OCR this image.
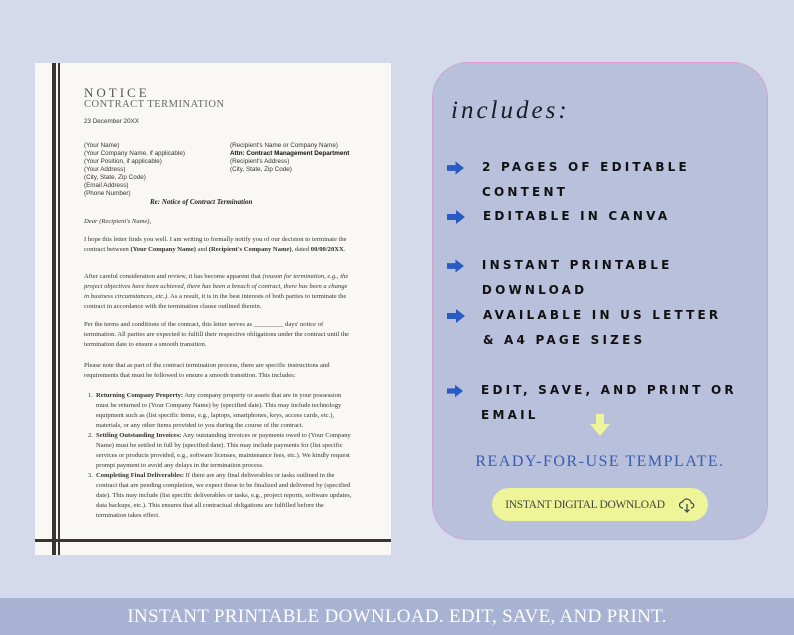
NOTICE
CONTRACT TERMINATION
23 December 20XX
(Your Name)
(Your Company Name, if applicable)
(Your Position, if applicable)
(Your Address)
(City, State, Zip Code)
(Email Address)
(Phone Number)
(Recipient's Name or Company Name)
Attn: Contract Management Department
(Recipient's Address)
(City, State, Zip Code)
Re: Notice of Contract Termination
Dear (Recipient's Name),
I hope this letter finds you well. I am writing to formally notify you of our decision to terminate the contract between (Your Company Name) and (Recipient's Company Name), dated 00/00/20XX.
After careful consideration and review, it has become apparent that (reason for termination, e.g., the project objectives have been achieved, there has been a breach of contract, there has been a change in business circumstances, etc.). As a result, it is in the best interests of both parties to terminate the contract in accordance with the termination clause outlined therein.
Per the terms and conditions of the contract, this letter serves as _________ days' notice of termination. All parties are expected to fulfill their respective obligations under the contract until the termination date to ensure a smooth transition.
Please note that as part of the contract termination process, there are specific instructions and requirements that must be followed to ensure a smooth transition. This includes:
1. Returning Company Property: Any company property or assets that are in your possession must be returned to (Your Company Name) by (specified date). This may include technology equipment such as (list specific items, e.g., laptops, smartphones, keys, access cards, etc.), materials, or any other items provided to you during the course of the contract.
2. Settling Outstanding Invoices: Any outstanding invoices or payments owed to (Your Company Name) must be settled in full by (specified date). This may include payments for (list specific services or products provided, e.g., software licenses, maintenance fees, etc.). We kindly request prompt payment to avoid any delays in the termination process.
3. Completing Final Deliverables: If there are any final deliverables or tasks outlined in the contract that are pending completion, we expect these to be finalized and delivered by (specified date). This may include (list specific deliverables or tasks, e.g., project reports, software updates, data backups, etc.). This ensures that all contractual obligations are fulfilled before the termination takes effect.
includes:
2 PAGES OF EDITABLE CONTENT
EDITABLE IN CANVA
INSTANT PRINTABLE DOWNLOAD
AVAILABLE IN US LETTER
& A4 PAGE SIZES
EDIT, SAVE, AND PRINT OR EMAIL
READY-FOR-USE TEMPLATE.
INSTANT DIGITAL DOWNLOAD
INSTANT PRINTABLE DOWNLOAD. EDIT, SAVE, AND PRINT.
